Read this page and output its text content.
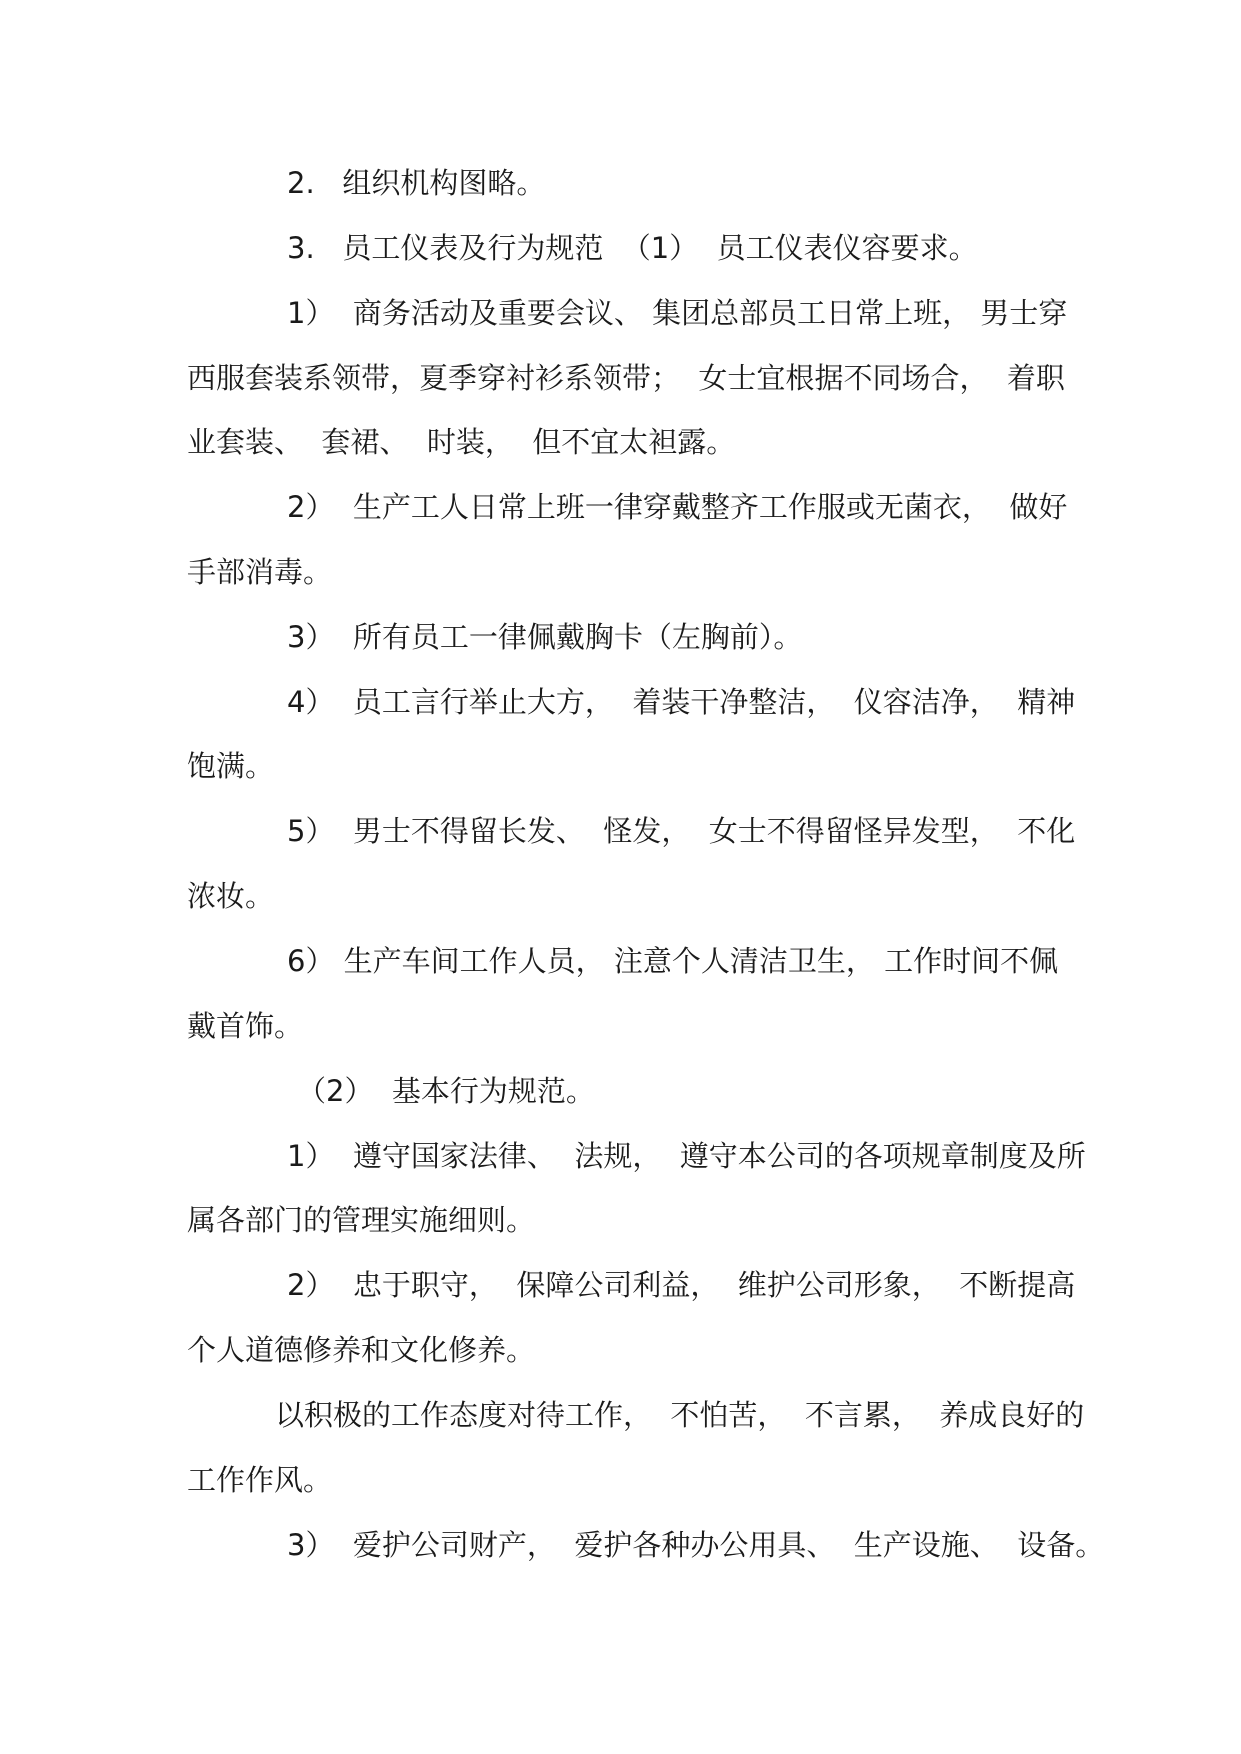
2.   组织机构图略。
3.   员工仪表及行为规范  （1）  员工仪表仪容要求。
1）  商务活动及重要会议、 集团总部员工日常上班， 男士穿
西服套装系领带，夏季穿衬衫系领带；  女士宜根据不同场合，  着职
业套装、  套裙、  时装，  但不宜太袒露。
2）  生产工人日常上班一律穿戴整齐工作服或无菌衣，  做好
手部消毒。
3）  所有员工一律佩戴胸卡（左胸前）。
4）  员工言行举止大方，  着装干净整洁，  仪容洁净，  精神
饱满。
5）  男士不得留长发、  怪发，  女士不得留怪异发型，  不化
浓妆。
6） 生产车间工作人员， 注意个人清洁卫生， 工作时间不佩
戴首饰。
（2）  基本行为规范。
1）  遵守国家法律、  法规，  遵守本公司的各项规章制度及所
属各部门的管理实施细则。
2）  忠于职守，  保障公司利益，  维护公司形象，  不断提高
个人道德修养和文化修养。
以积极的工作态度对待工作，  不怕苦，  不言累，  养成良好的
工作作风。
3）  爱护公司财产，  爱护各种办公用具、  生产设施、  设备。
